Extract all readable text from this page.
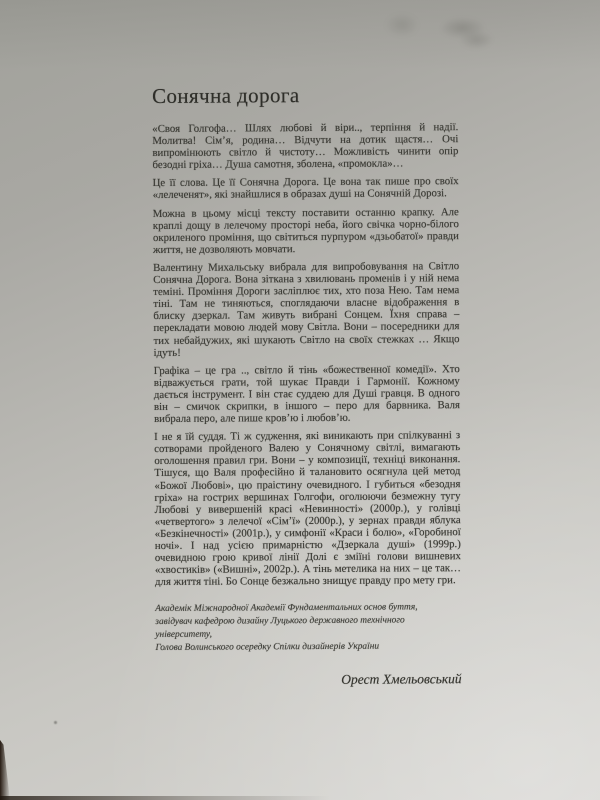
Сонячна дорога

«Своя Голгофа… Шлях любові й віри.., терпіння й надії. Молитва! Сім’я, родина… Відчути на дотик щастя… Очі випромінюють світло й чистоту… Можливість чинити опір безодні гріха… Душа самотня, зболена, «промокла»…

Це її слова. Це її Сонячна Дорога. Це вона так пише про своїх «лелеченят», які знайшлися в образах душі на Сонячній Дорозі.

Можна в цьому місці тексту поставити останню крапку. Але краплі дощу в лелечому просторі неба, його свічка чорно-білого окриленого проміння, що світиться пурпуром «дзьобатої» правди життя, не дозволяють мовчати.

Валентину Михальську вибрала для випробовування на Світло Сонячна Дорога. Вона зіткана з хвилювань променів і у ній нема теміні. Проміння Дороги засліплює тих, хто поза Нею. Там нема тіні. Там не тиняються, споглядаючи власне відображення в блиску дзеркал. Там живуть вибрані Сонцем. Їхня справа – перекладати мовою людей мову Світла. Вони – посередники для тих небайдужих, які шукають Світло на своїх стежках … Якщо ідуть!

Графіка – це гра .., світло й тінь «божественної комедії». Хто відважується грати, той шукає Правди і Гармонії. Кожному дається інструмент. І він стає суддею для Душі гравця. В одного він – смичок скрипки, в іншого – перо для барвника. Валя вибрала перо, але пише кров’ю і любов’ю.

І не я їй суддя. Ті ж судження, які виникають при спілкуванні з сотворами пройденого Валею у Сонячному світлі, вимагають оголошення правил гри. Вони – у композиції, техніці виконання. Тішуся, що Валя професійно й талановито осягнула цей метод «Божої Любові», цю праістину очевидного. І губиться «безодня гріха» на гострих вершинах Голгофи, оголюючи безмежну тугу Любові у вивершеній красі «Невинності» (2000р.), у голівці «четвертого» з лелечої «Сім’ї» (2000р.), у зернах правди яблука «Безкінечності» (2001р.), у симфонії «Краси і болю», «Горобиної ночі». І над усією примарністю «Дзеркала душі» (1999р.) очевидною грою кривої лінії Долі є зміїні голови вишневих «хвостиків» («Вишні», 2002р.). А тінь метелика на них – це так… для життя тіні. Бо Сонце безжально знищує правду про мету гри.

Академік Міжнародної Академії Фундаментальних основ буття,

завідувач кафедрою дизайну Луцького державного технічного університету,

Голова Волинського осередку Спілки дизайнерів України

Орест Хмельовський
